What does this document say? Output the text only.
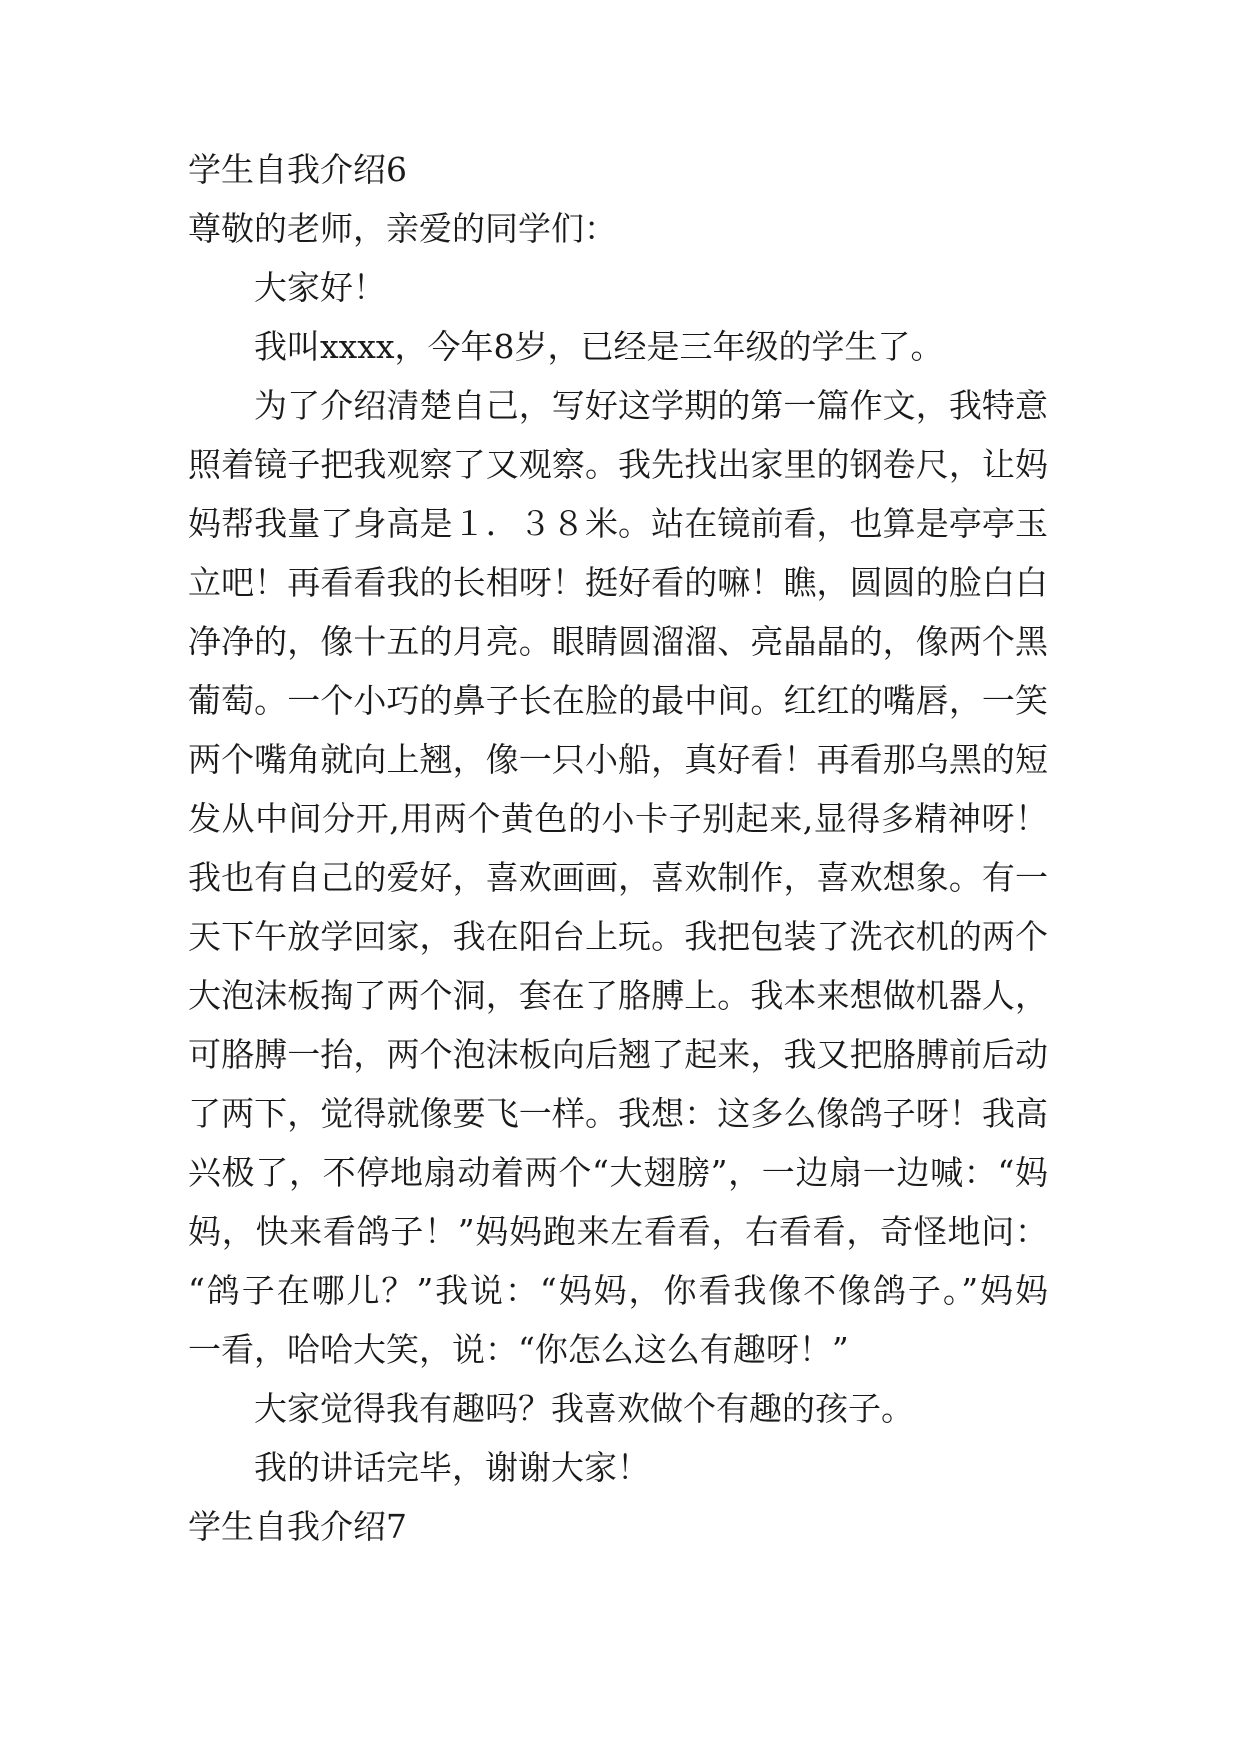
学生自我介绍6
尊敬的老师，亲爱的同学们：
大家好！
我叫xxxx，今年8岁，已经是三年级的学生了。
为了介绍清楚自己，写好这学期的第一篇作文，我特意
照着镜子把我观察了又观察。我先找出家里的钢卷尺，让妈
妈帮我量了身高是１．３８米。站在镜前看，也算是亭亭玉
立吧！再看看我的长相呀！挺好看的嘛！瞧，圆圆的脸白白
净净的，像十五的月亮。眼睛圆溜溜、亮晶晶的，像两个黑
葡萄。一个小巧的鼻子长在脸的最中间。红红的嘴唇，一笑
两个嘴角就向上翘，像一只小船，真好看！再看那乌黑的短
发从中间分开,用两个黄色的小卡子别起来,显得多精神呀！
我也有自己的爱好，喜欢画画，喜欢制作，喜欢想象。有一
天下午放学回家，我在阳台上玩。我把包装了洗衣机的两个
大泡沫板掏了两个洞，套在了胳膊上。我本来想做机器人，
可胳膊一抬，两个泡沫板向后翘了起来，我又把胳膊前后动
了两下，觉得就像要飞一样。我想：这多么像鸽子呀！我高
兴极了，不停地扇动着两个“大翅膀”，一边扇一边喊：“妈
妈，快来看鸽子！”妈妈跑来左看看，右看看，奇怪地问：
“鸽子在哪儿？”我说：“妈妈，你看我像不像鸽子。”妈妈
一看，哈哈大笑，说：“你怎么这么有趣呀！”
大家觉得我有趣吗？我喜欢做个有趣的孩子。
我的讲话完毕，谢谢大家！
学生自我介绍7
